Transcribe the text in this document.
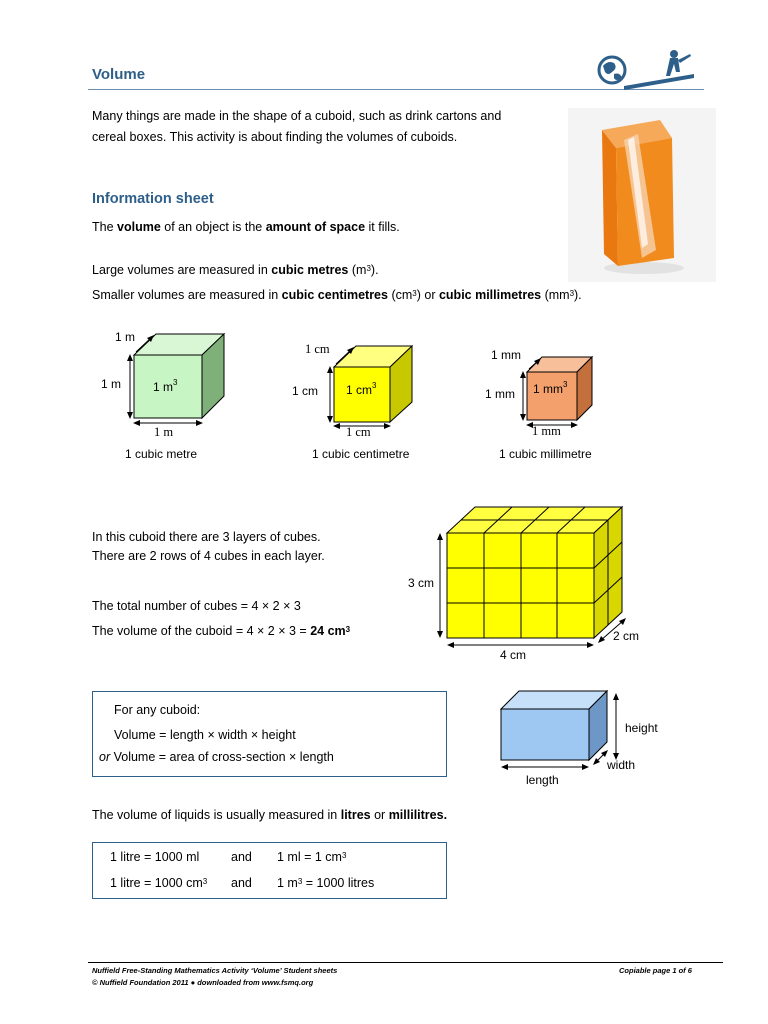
Volume
Many things are made in the shape of a cuboid, such as drink cartons and
cereal boxes. This activity is about finding the volumes of cuboids.
Information sheet
The volume of an object is the amount of space it fills.
Large volumes are measured in cubic metres $(m^3)$.
Smaller volumes are measured in cubic centimetres $(cm^3)$ or cubic millimetres $(mm^3)$.
1 m
1 m	1 $m^3$
1 m
1 cubic metre
1 cm
1 cm 1 $cm^3$
1 cm
1 cubic centimetre
1 mm
1 mm 1 $mm^3$
1 mm
1 cubic millimetre
In this cuboid there are 3 layers of cubes.
There are 2 rows of 4 cubes in each layer.
The total number of cubes = 4 × 2 × 3
The volume of the cuboid = 4 × 2 × 3 = 24 $cm^3$
3 cm
2 cm
4 cm
For any cuboid:
Volume = length × width × height
or Volume = area of cross-section × length
height
width
length
The volume of liquids is usually measured in litres or millilitres.
1 litre = 1000 ml	and 1 ml = 1 $cm^3$
1 litre = 1000 $cm^3$ and 1 $m^3 = 1000$ litres
Nuffield Free-Standing Mathematics Activity ‘Volume’ Student sheets
© Nuffield Foundation 2011 ● downloaded from www.fsmq.org
Copiable page 1 of 6
